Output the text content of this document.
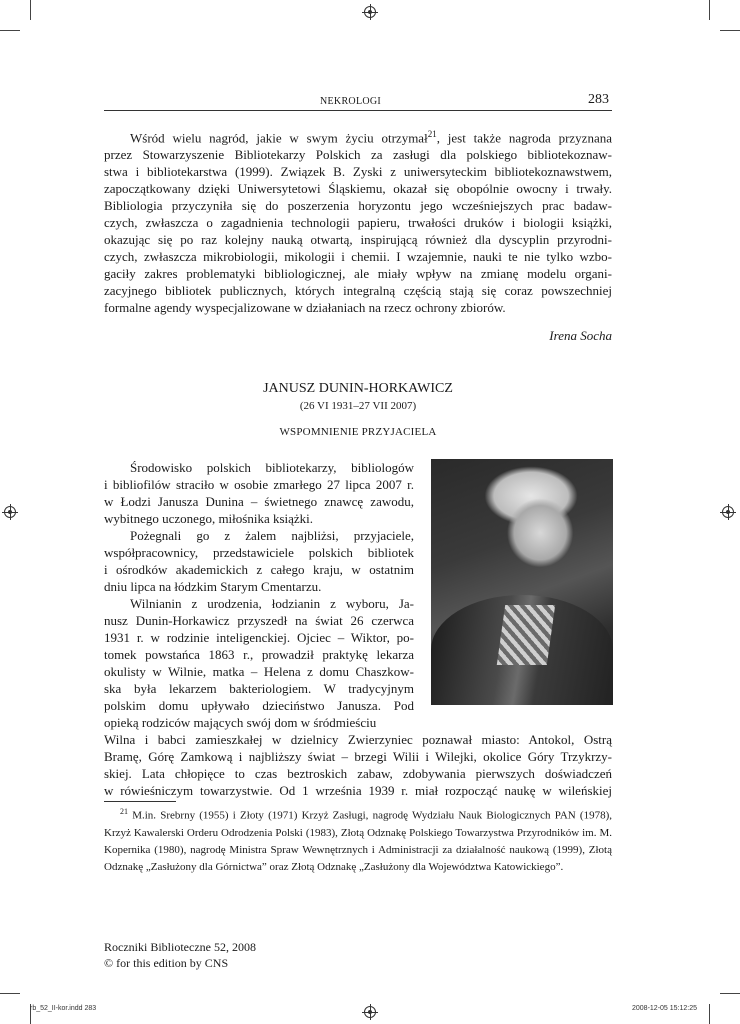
NEKROLOGI	283
Wśród wielu nagród, jakie w swym życiu otrzymał$^{21}$, jest także nagroda przyznana
przez Stowarzyszenie Bibliotekarzy Polskich za zasługi dla polskiego bibliotekoznaw-
stwa i bibliotekarstwa (1999). Związek B. Zyski z uniwersyteckim bibliotekoznawstwem,
zapoczątkowany dzięki Uniwersytetowi Śląskiemu, okazał się obopólnie owocny i trwały.
Bibliologia przyczyniła się do poszerzenia horyzontu jego wcześniejszych prac badaw-
czych, zwłaszcza o zagadnienia technologii papieru, trwałości druków i biologii książki,
okazując się po raz kolejny nauką otwartą, inspirującą również dla dyscyplin przyrodni-
czych, zwłaszcza mikrobiologii, mikologii i chemii. I wzajemnie, nauki te nie tylko wzbo-
gaciły zakres problematyki bibliologicznej, ale miały wpływ na zmianę modelu organi-
zacyjnego bibliotek publicznych, których integralną częścią stają się coraz powszechniej
formalne agendy wyspecjalizowane w działaniach na rzecz ochrony zbiorów.
Irena Socha
JANUSZ DUNIN-HORKAWICZ
(26 VI 1931–27 VII 2007)
WSPOMNIENIE PRZYJACIELA
Środowisko polskich bibliotekarzy, bibliologów
i bibliofilów straciło w osobie zmarłego 27 lipca 2007 r.
w Łodzi Janusza Dunina – świetnego znawcę zawodu,
wybitnego uczonego, miłośnika książki.
Pożegnali go z żalem najbliżsi, przyjaciele,
współpracownicy, przedstawiciele polskich bibliotek
i ośrodków akademickich z całego kraju, w ostatnim
dniu lipca na łódzkim Starym Cmentarzu.
Wilnianin z urodzenia, łodzianin z wyboru, Ja-
nusz Dunin-Horkawicz przyszedł na świat 26 czerwca
1931 r. w rodzinie inteligenckiej. Ojciec – Wiktor, po-
tomek powstańca 1863 r., prowadził praktykę lekarza
okulisty w Wilnie, matka – Helena z domu Chaszkow-
ska była lekarzem bakteriologiem. W tradycyjnym
polskim domu upływało dzieciństwo Janusza. Pod
opieką rodziców mających swój dom w śródmieściu
Wilna i babci zamieszkałej w dzielnicy Zwierzyniec poznawał miasto: Antokol, Ostrą
Bramę, Górę Zamkową i najbliższy świat – brzegi Wilii i Wilejki, okolice Góry Trzykrzy-
skiej. Lata chłopięce to czas beztroskich zabaw, zdobywania pierwszych doświadczeń
w rówieśniczym towarzystwie. Od 1 września 1939 r. miał rozpocząć naukę w wileńskiej
$^{21}$ M.in. Srebrny (1955) i Złoty (1971) Krzyż Zasługi, nagrodę Wydziału Nauk Biologicznych PAN (1978), Krzyż Kawalerski Orderu Odrodzenia Polski (1983), Złotą Odznakę Polskiego Towarzystwa Przyrodników im. M. Kopernika (1980), nagrodę Ministra Spraw Wewnętrznych i Administracji za działalność naukową (1999), Złotą Odznakę „Zasłużony dla Górnictwa” oraz Złotą Odznakę „Zasłużony dla Województwa Katowickiego”.
Roczniki Biblioteczne 52, 2008
© for this edition by CNS
rb_52_II-kor.indd 283	2008-12-05 15:12:25
